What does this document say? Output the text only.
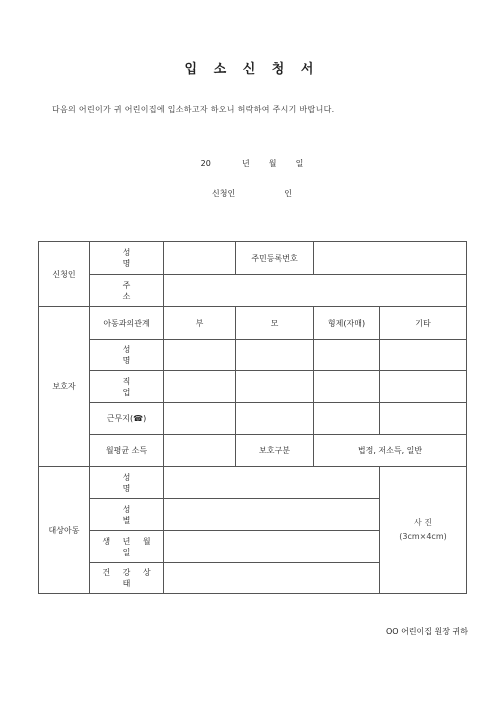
입 소 신 청 서
다음의 어린이가 귀 어린이집에 입소하고자 하오니 허락하여 주시기 바랍니다.
20	년 월 일
신청인	인
신청인	성 명		주민등록번호		
	주 소				
보호자	아동과의관계	부	모	형제(자매)	기타
	성 명				
	직 업				
	근무지(☎)				
	월평균 소득		보호구분	법정, 저소득, 일반	
대상아동	성 명				사 진
(3cm×4cm)

	성 별				
	생 년 월 일				
	건 강 상 태				
OO 어린이집 원장 귀하
